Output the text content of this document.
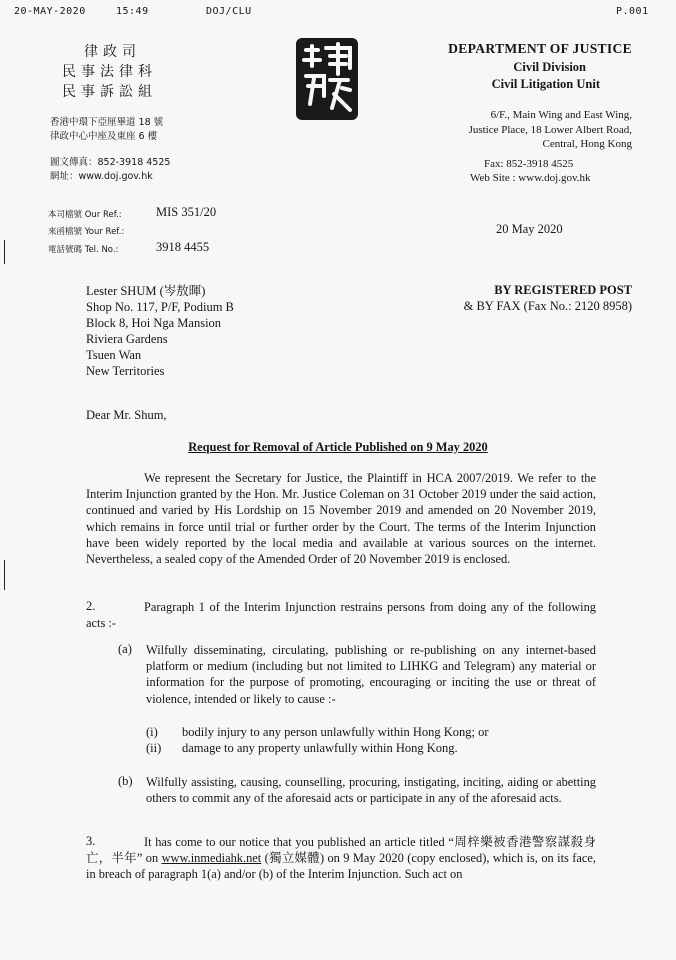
20-MAY-2020	15:49	DOJ/CLU	P.001
律政司
民事法律科
民事訴訟組
香港中環下亞厘畢道 18 號
律政中心中座及東座 6 樓
圖文傳真：852-3918 4525
網址：www.doj.gov.hk
DEPARTMENT OF JUSTICE
Civil Division
Civil Litigation Unit
6/F., Main Wing and East Wing,
Justice Place, 18 Lower Albert Road,
Central, Hong Kong
Fax: 852-3918 4525
Web Site : www.doj.gov.hk
本司檔號 Our Ref.:	MIS 351/20
來函檔號 Your Ref.:
電話號碼 Tel. No.:	3918 4455
20 May 2020
Lester SHUM (岑敖暉)
Shop No. 117, P/F, Podium B
Block 8, Hoi Nga Mansion
Riviera Gardens
Tsuen Wan
New Territories
BY REGISTERED POST
& BY FAX (Fax No.: 2120 8958)
Dear Mr. Shum,
Request for Removal of Article Published on 9 May 2020

We represent the Secretary for Justice, the Plaintiff in HCA 2007/2019. We refer to the Interim Injunction granted by the Hon. Mr. Justice Coleman on 31 October 2019 under the said action, continued and varied by His Lordship on 15 November 2019 and amended on 20 November 2019, which remains in force until trial or further order by the Court. The terms of the Interim Injunction have been widely reported by the local media and available at various sources on the internet. Nevertheless, a sealed copy of the Amended Order of 20 November 2019 is enclosed.

2.	Paragraph 1 of the Interim Injunction restrains persons from doing any of the following acts :-

(a) Wilfully disseminating, circulating, publishing or re-publishing on any internet-based platform or medium (including but not limited to LIHKG and Telegram) any material or information for the purpose of promoting, encouraging or inciting the use or threat of violence, intended or likely to cause :-

(i) bodily injury to any person unlawfully within Hong Kong; or
(ii) damage to any property unlawfully within Hong Kong.
(b) Wilfully assisting, causing, counselling, procuring, instigating, inciting, aiding or abetting others to commit any of the aforesaid acts or participate in any of the aforesaid acts.

3.	It has come to our notice that you published an article titled “周梓樂被香港警察謀殺身亡，半年” on www.inmediahk.net (獨立媒體) on 9 May 2020 (copy enclosed), which is, on its face, in breach of paragraph 1(a) and/or (b) of the Interim Injunction. Such act on
